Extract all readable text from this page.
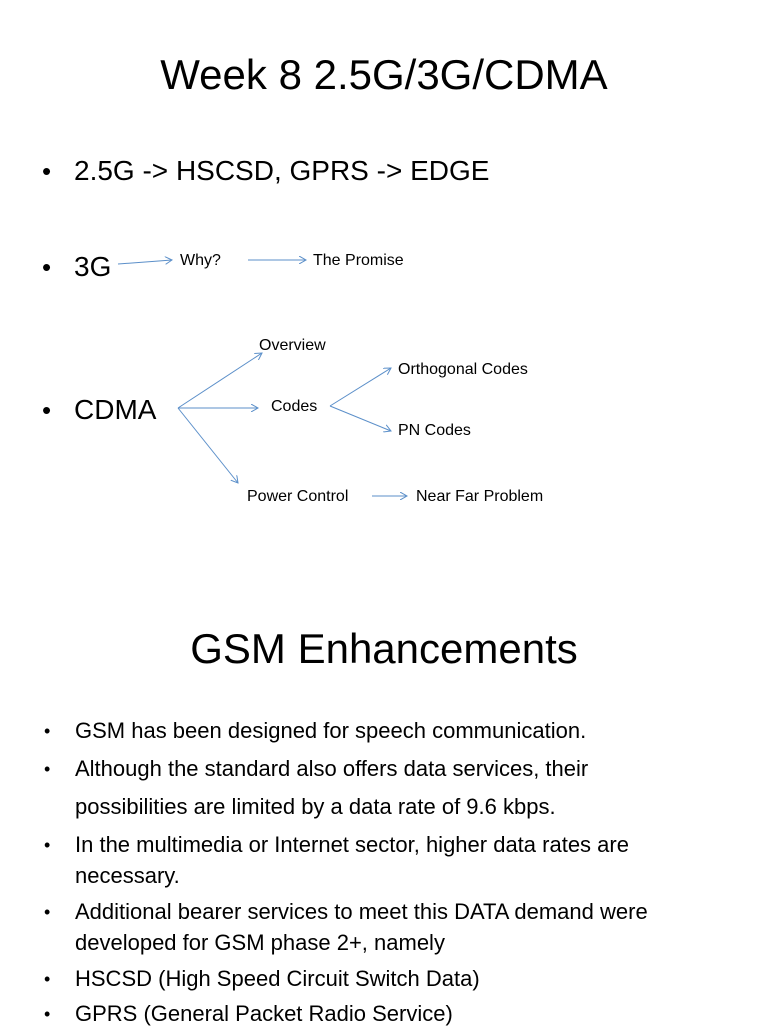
Week 8 2.5G/3G/CDMA
• 2.5G -> HSCSD, GPRS -> EDGE
• 3G
• CDMA
Why?	The Promise
Overview
Codes
Orthogonal Codes
PN Codes
Power Control	Near Far Problem
GSM Enhancements
• GSM has been designed for speech communication.
• Although the standard also offers data services, their
possibilities are limited by a data rate of 9.6 kbps.
• In the multimedia or Internet sector, higher data rates are
necessary.
• Additional bearer services to meet this DATA demand were
developed for GSM phase 2+, namely
• HSCSD (High Speed Circuit Switch Data)
• GPRS (General Packet Radio Service)
